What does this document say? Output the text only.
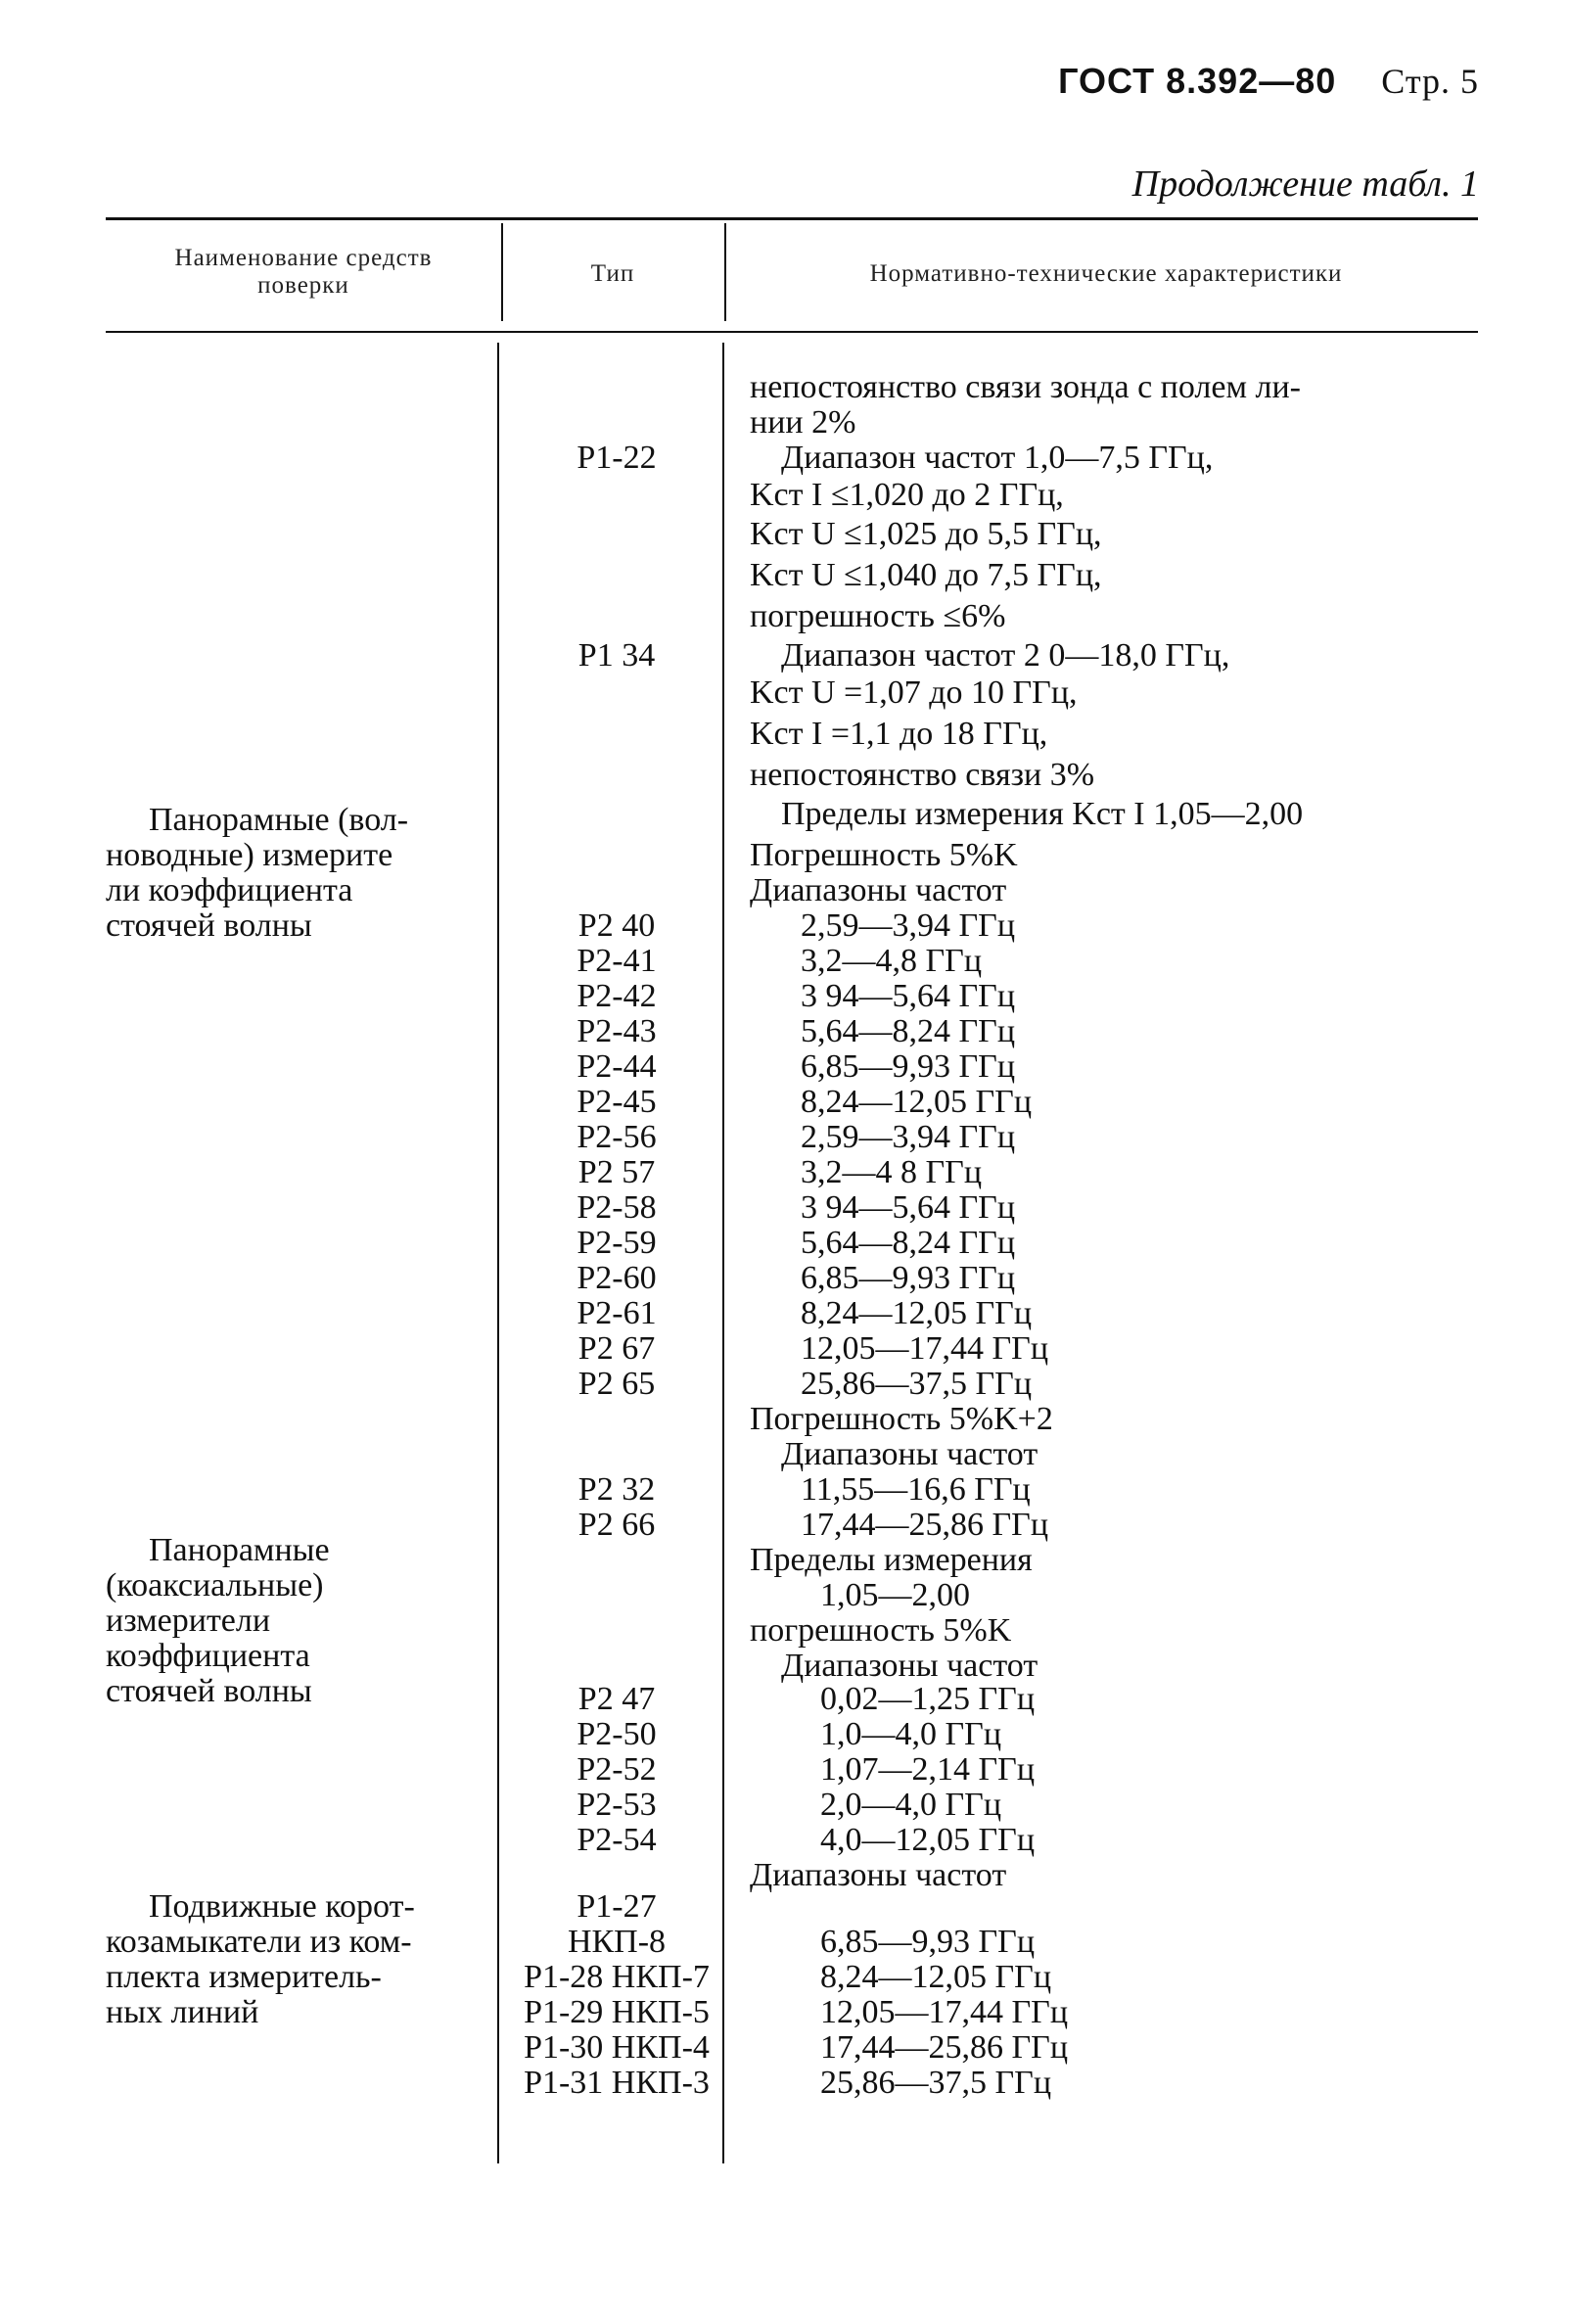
ГОСТ 8.392—80 Стр. 5
Продолжение табл. 1
Наименование средств поверки	Тип	Нормативно-технические характеристики
Панорамные (вол-
новодные) измерите
ли коэффициента
стоячей волны
Панорамные
(коаксиальные)
измерители
коэффициента
стоячей волны
Подвижные корот-
козамыкатели из ком-
плекта измеритель-
ных линий
Р1-22
Р1 34
Р2 40
Р2-41
Р2-42
Р2-43
Р2-44
Р2-45
Р2-56
Р2 57
Р2-58
Р2-59
Р2-60
Р2-61
Р2 67
Р2 65
Р2 32
Р2 66
Р2 47
Р2-50
Р2-52
Р2-53
Р2-54
Р1-27
НКП-8
Р1-28 НКП-7
Р1-29 НКП-5
Р1-30 НКП-4
Р1-31 НКП-3
непостоянство связи зонда с полем ли-
нии 2%
Диапазон частот 1,0—7,5 ГГц,
Kст I ≤1,020 до 2 ГГц,
Kст U ≤1,025 до 5,5 ГГц,
Kст U ≤1,040 до 7,5 ГГц,
погрешность ≤6%
Диапазон частот 2 0—18,0 ГГц,
Kст U =1,07 до 10 ГГц,
Kст I =1,1 до 18 ГГц,
непостоянство связи 3%
Пределы измерения Kст I 1,05—2,00
Погрешность 5%K
Диапазоны частот
2,59—3,94 ГГц
3,2—4,8 ГГц
3 94—5,64 ГГц
5,64—8,24 ГГц
6,85—9,93 ГГц
8,24—12,05 ГГц
2,59—3,94 ГГц
3,2—4 8 ГГц
3 94—5,64 ГГц
5,64—8,24 ГГц
6,85—9,93 ГГц
8,24—12,05 ГГц
12,05—17,44 ГГц
25,86—37,5 ГГц
Погрешность 5%K+2
Диапазоны частот
11,55—16,6 ГГц
17,44—25,86 ГГц
Пределы измерения
1,05—2,00
погрешность 5%K
Диапазоны частот
0,02—1,25 ГГц
1,0—4,0 ГГц
1,07—2,14 ГГц
2,0—4,0 ГГц
4,0—12,05 ГГц
Диапазоны частот
6,85—9,93 ГГц
8,24—12,05 ГГц
12,05—17,44 ГГц
17,44—25,86 ГГц
25,86—37,5 ГГц
